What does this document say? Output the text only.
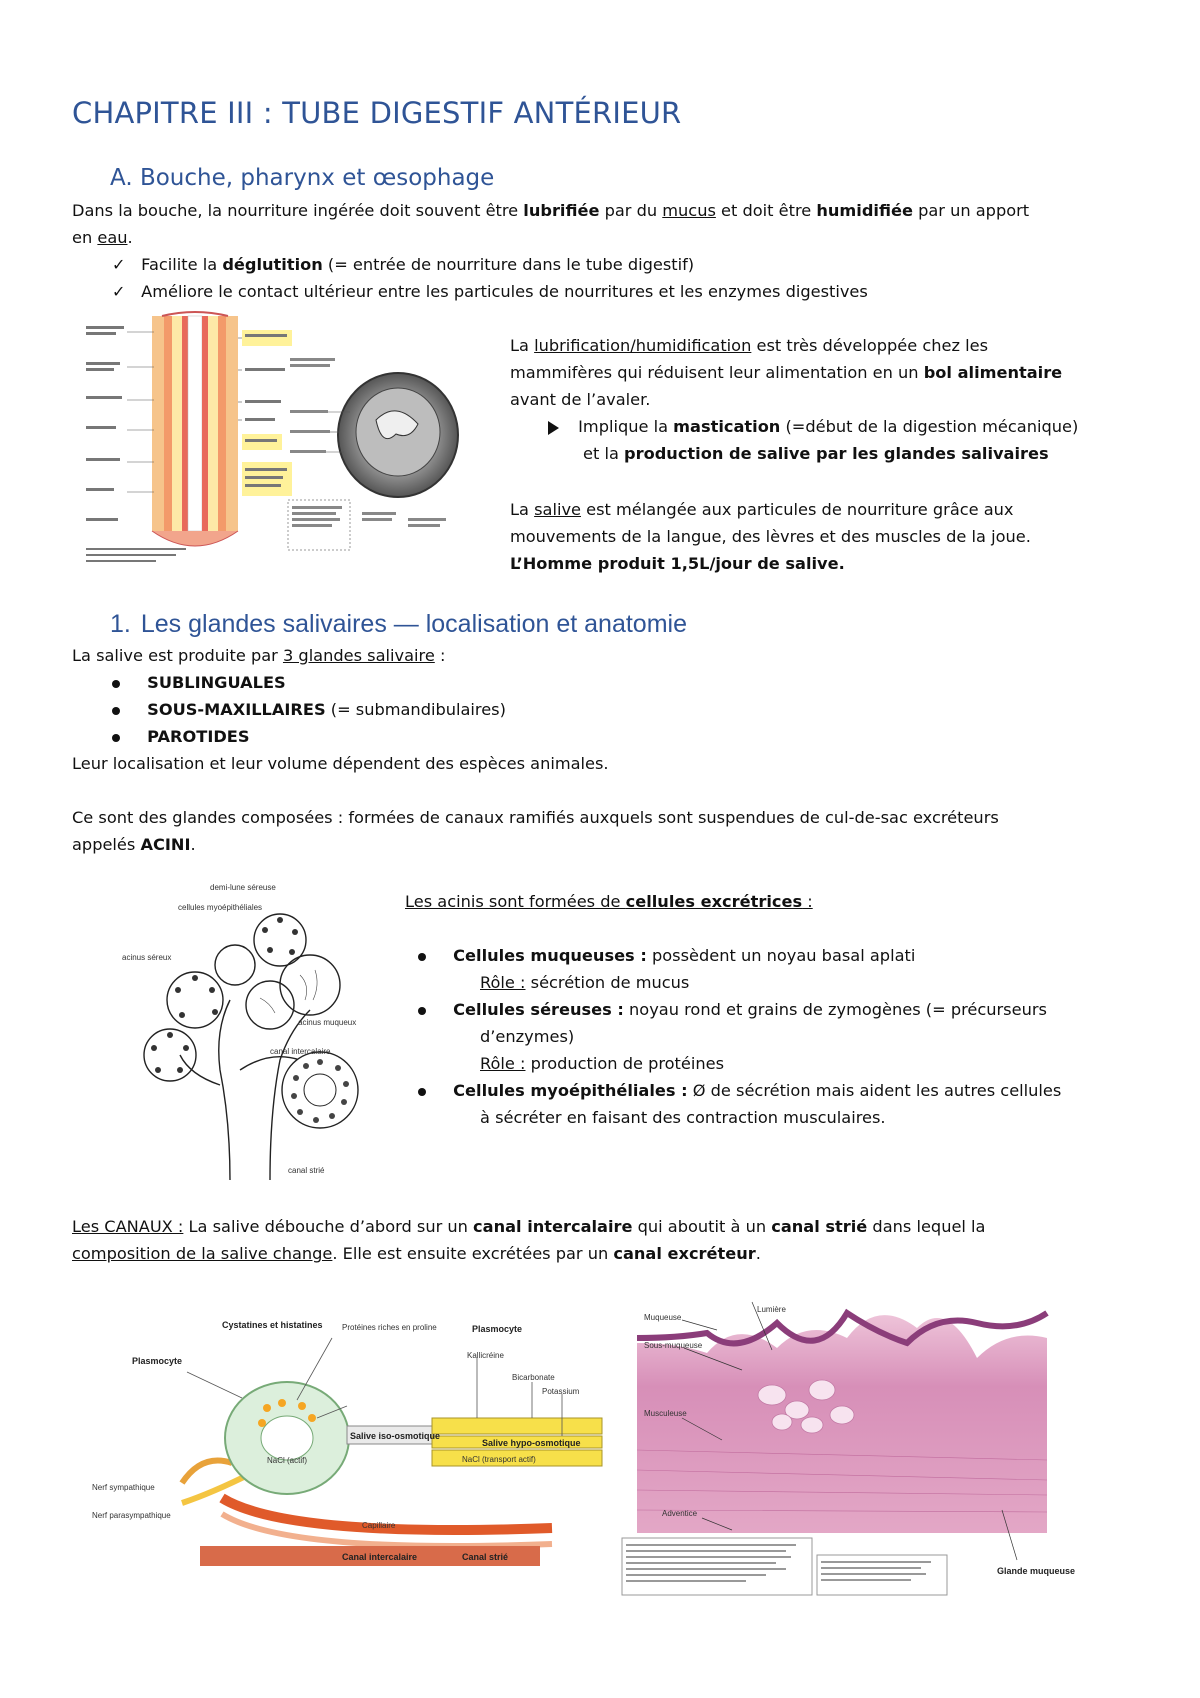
CHAPITRE III : TUBE DIGESTIF ANTÉRIEUR
A. Bouche, pharynx et œsophage
Dans la bouche, la nourriture ingérée doit souvent être lubrifiée par du mucus et doit être humidifiée par un apport
en eau.
✓ Facilite la déglutition (= entrée de nourriture dans le tube digestif)
✓ Améliore le contact ultérieur entre les particules de nourritures et les enzymes digestives
La lubrification/humidification est très développée chez les
mammifères qui réduisent leur alimentation en un bol alimentaire
avant de l’avaler.
Implique la mastication (=début de la digestion mécanique)
et la production de salive par les glandes salivaires
La salive est mélangée aux particules de nourriture grâce aux
mouvements de la langue, des lèvres et des muscles de la joue.
L’Homme produit 1,5L/jour de salive.
1. Les glandes salivaires — localisation et anatomie
La salive est produite par 3 glandes salivaire :
SUBLINGUALES
SOUS-MAXILLAIRES (= submandibulaires)
PAROTIDES
Leur localisation et leur volume dépendent des espèces animales.
Ce sont des glandes composées : formées de canaux ramifiés auxquels sont suspendues de cul-de-sac excréteurs
appelés ACINI.
demi-lune séreuse
cellules myoépithéliales
acinus séreux
acinus muqueux
canal intercalaire
canal strié
Les acinis sont formées de cellules excrétrices :
Cellules muqueuses : possèdent un noyau basal aplati
Rôle : sécrétion de mucus
Cellules séreuses : noyau rond et grains de zymogènes (= précurseurs
d’enzymes)
Rôle : production de protéines
Cellules myoépithéliales : Ø de sécrétion mais aident les autres cellules
à sécréter en faisant des contraction musculaires.
Les CANAUX : La salive débouche d’abord sur un canal intercalaire qui aboutit à un canal strié dans lequel la
composition de la salive change. Elle est ensuite excrétées par un canal excréteur.
Cystatines et histatines Protéines riches en proline
Plasmocyte
Plasmocyte
Nerf sympathique
Nerf parasympathique
Kallicréine
Bicarbonate
Potassium
Salive iso-osmotique
Salive hypo-osmotique
NaCl (actif)	NaCl (transport actif)
Capillaire
Canal intercalaire	Canal strié
Lumière
Muqueuse
Sous-muqueuse
Musculeuse
Adventice
Glande muqueuse
